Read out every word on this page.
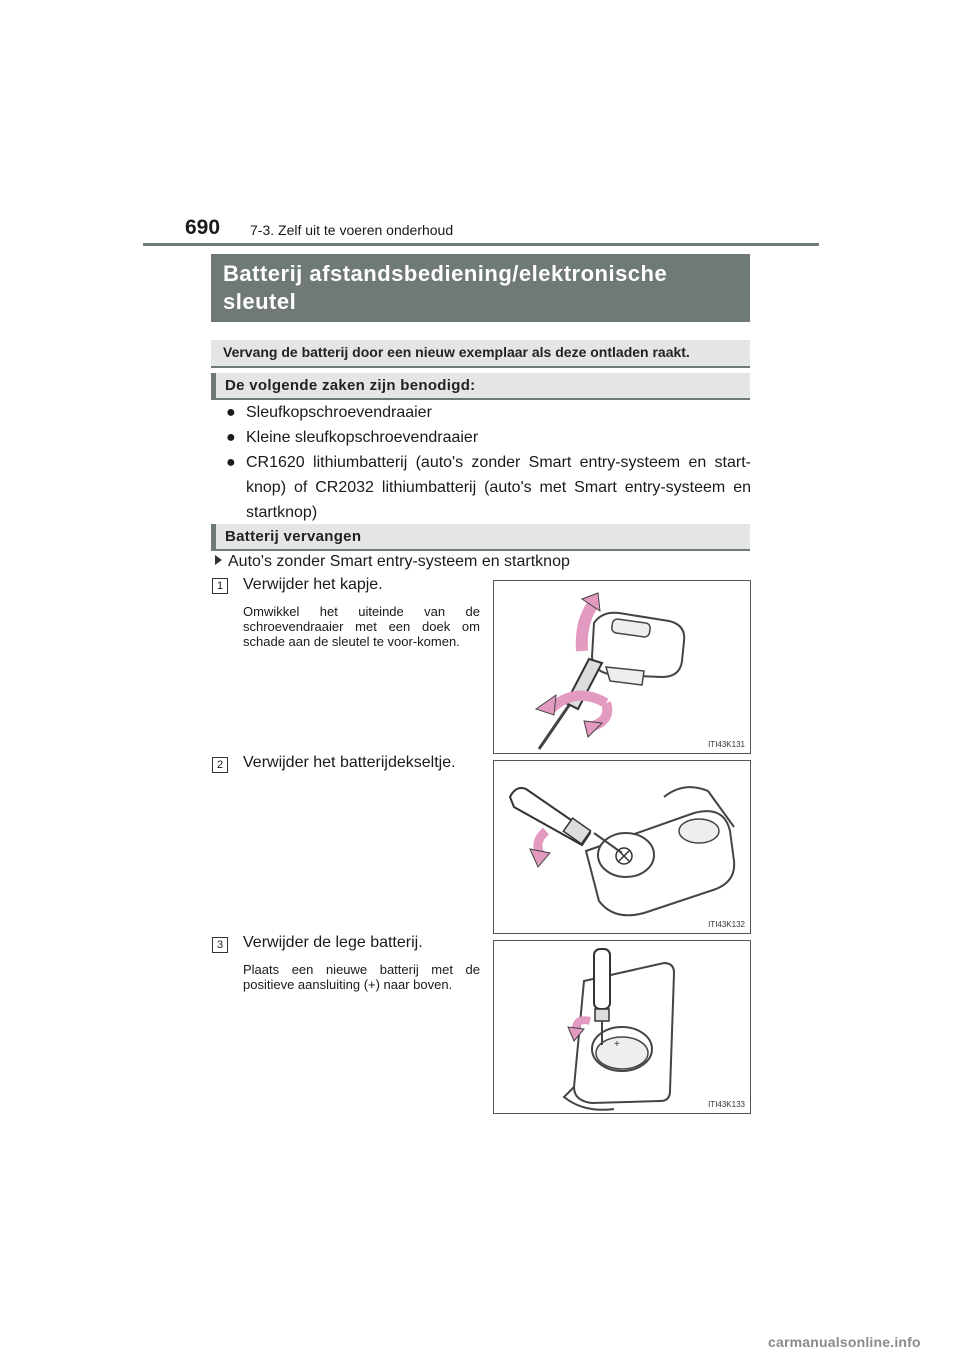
690 7-3. Zelf uit te voeren onderhoud
Batterij afstandsbediening/elektronische sleutel
Vervang de batterij door een nieuw exemplaar als deze ontladen raakt.
De volgende zaken zijn benodigd:
● Sleufkopschroevendraaier
● Kleine sleufkopschroevendraaier
● CR1620 lithiumbatterij (auto's zonder Smart entry-systeem en start-knop) of CR2032 lithiumbatterij (auto's met Smart entry-systeem en startknop)
Batterij vervangen
Auto's zonder Smart entry-systeem en startknop
1	Verwijder het kapje.
Omwikkel het uiteinde van de schroevendraaier met een doek om schade aan de sleutel te voor-komen.
ITI43K131
2	Verwijder het batterijdekseltje.
ITI43K132
3	Verwijder de lege batterij.
Plaats een nieuwe batterij met de positieve aansluiting (+) naar boven.
+
ITI43K133
carmanualsonline.info
